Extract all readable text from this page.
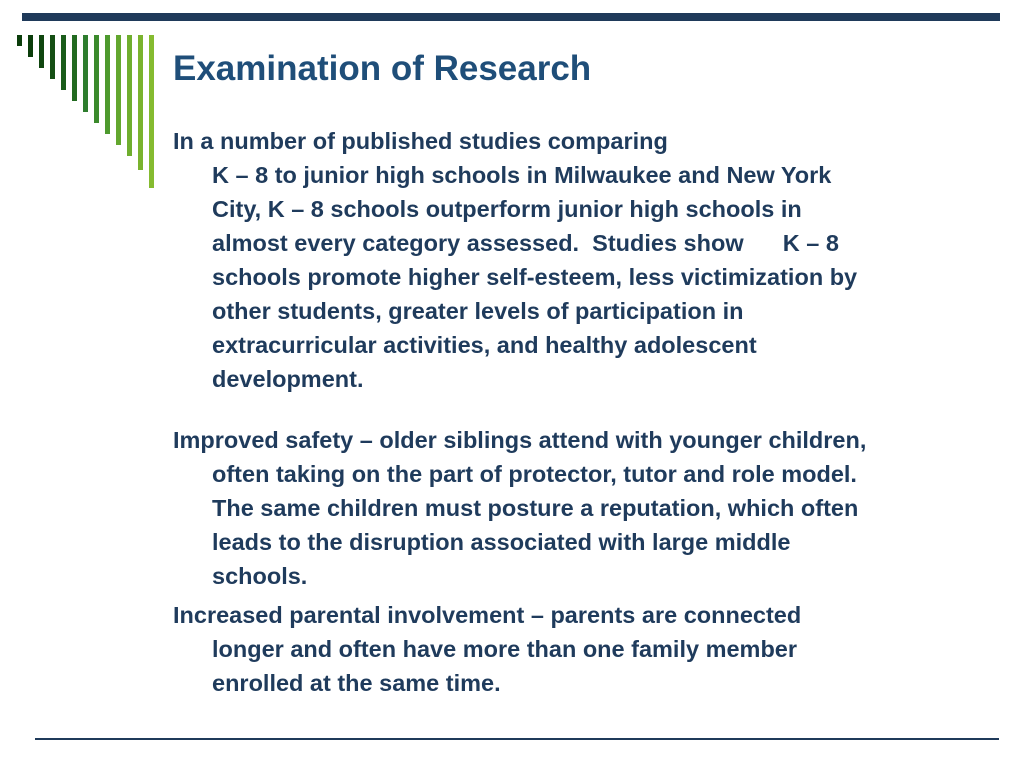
Examination of Research

In a number of published studies comparing
K – 8 to junior high schools in Milwaukee and New York
City, K – 8 schools outperform junior high schools in
almost every category assessed.  Studies show      K – 8
schools promote higher self-esteem, less victimization by
other students, greater levels of participation in
extracurricular activities, and healthy adolescent
development.

Improved safety – older siblings attend with younger children,
often taking on the part of protector, tutor and role model.
The same children must posture a reputation, which often
leads to the disruption associated with large middle
schools.

Increased parental involvement – parents are connected
longer and often have more than one family member
enrolled at the same time.
